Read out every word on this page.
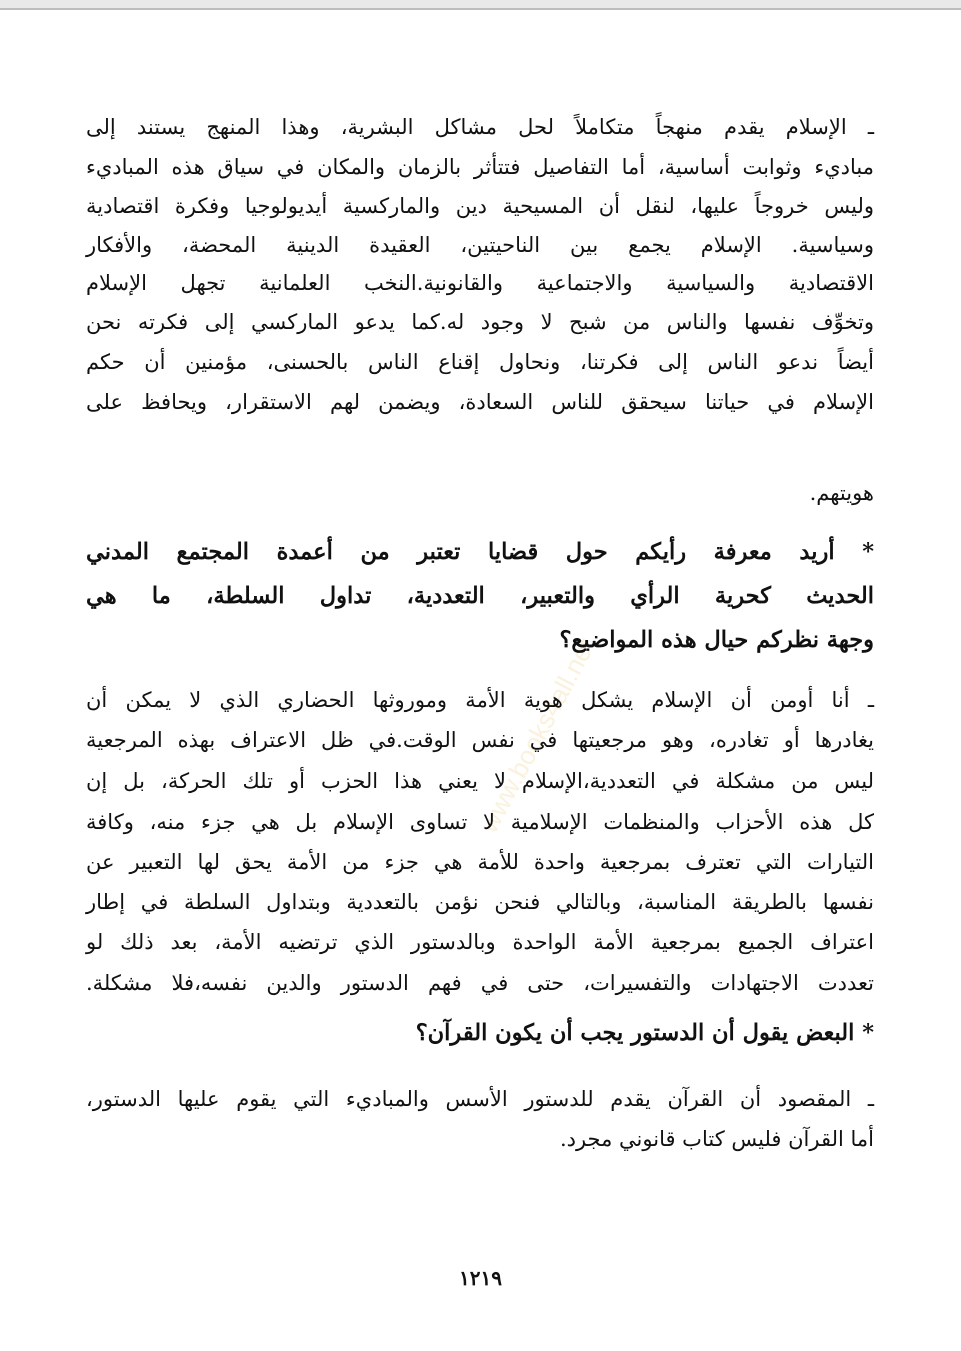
www.books4all.net
ـ الإسلام يقدم منهجاً متكاملاً لحل مشاكل البشرية، وهذا المنهج يستند إلى
مباديء وثوابت أساسية، أما التفاصيل فتتأثر بالزمان والمكان في سياق هذه المباديء
وليس خروجاً عليها، لنقل أن المسيحية دين والماركسية أيديولوجيا وفكرة اقتصادية
وسياسية. الإسلام يجمع بين الناحيتين، العقيدة الدينية المحضة، والأفكار
الاقتصادية والسياسية والاجتماعية والقانونية.النخب العلمانية تجهل الإسلام
وتخوِّف نفسها والناس من شبح لا وجود له.كما يدعو الماركسي إلى فكرته نحن
أيضاً ندعو الناس إلى فكرتنا، ونحاول إقناع الناس بالحسنى، مؤمنين أن حكم
الإسلام في حياتنا سيحقق للناس السعادة، ويضمن لهم الاستقرار، ويحافظ على
هويتهم.
* أريد معرفة رأيكم حول قضايا تعتبر من أعمدة المجتمع المدني
الحديث كحرية الرأي والتعبير، التعددية، تداول السلطة، ما هي
وجهة نظركم حيال هذه المواضيع؟
ـ أنا أومن أن الإسلام يشكل هوية الأمة وموروثها الحضاري الذي لا يمكن أن
يغادرها أو تغادره، وهو مرجعيتها في نفس الوقت.في ظل الاعتراف بهذه المرجعية
ليس من مشكلة في التعددية،الإسلام لا يعني هذا الحزب أو تلك الحركة، بل إن
كل هذه الأحزاب والمنظمات الإسلامية لا تساوى الإسلام بل هي جزء منه، وكافة
التيارات التي تعترف بمرجعية واحدة للأمة هي جزء من الأمة يحق لها التعبير عن
نفسها بالطريقة المناسبة، وبالتالي فنحن نؤمن بالتعددية وبتداول السلطة في إطار
اعتراف الجميع بمرجعية الأمة الواحدة وبالدستور الذي ترتضيه الأمة، بعد ذلك لو
تعددت الاجتهادات والتفسيرات، حتى في فهم الدستور والدين نفسه،فلا مشكلة.
* البعض يقول أن الدستور يجب أن يكون القرآن؟
ـ المقصود أن القرآن يقدم للدستور الأسس والمباديء التي يقوم عليها الدستور،
أما القرآن فليس كتاب قانوني مجرد.
١٢١٩
